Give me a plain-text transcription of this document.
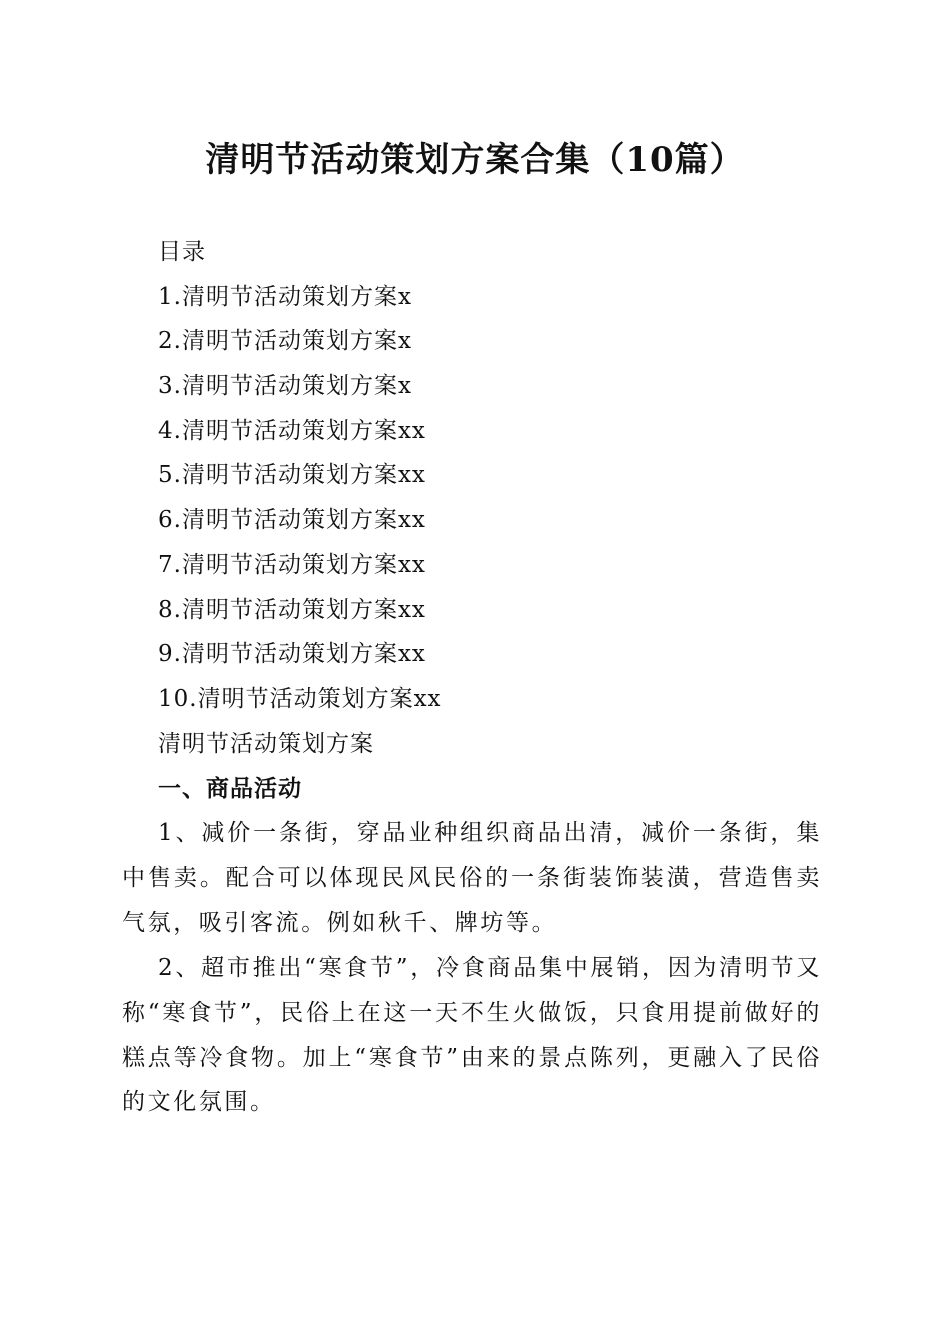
清明节活动策划方案合集（10篇）
目录
1.清明节活动策划方案x
2.清明节活动策划方案x
3.清明节活动策划方案x
4.清明节活动策划方案xx
5.清明节活动策划方案xx
6.清明节活动策划方案xx
7.清明节活动策划方案xx
8.清明节活动策划方案xx
9.清明节活动策划方案xx
10.清明节活动策划方案xx
清明节活动策划方案
一、商品活动

1、减价一条街，穿品业种组织商品出清，减价一条街，集中售卖。配合可以体现民风民俗的一条街装饰装潢，营造售卖气氛，吸引客流。例如秋千、牌坊等。

2、超市推出“寒食节”，冷食商品集中展销，因为清明节又称“寒食节”，民俗上在这一天不生火做饭，只食用提前做好的糕点等冷食物。加上“寒食节”由来的景点陈列，更融入了民俗的文化氛围。
